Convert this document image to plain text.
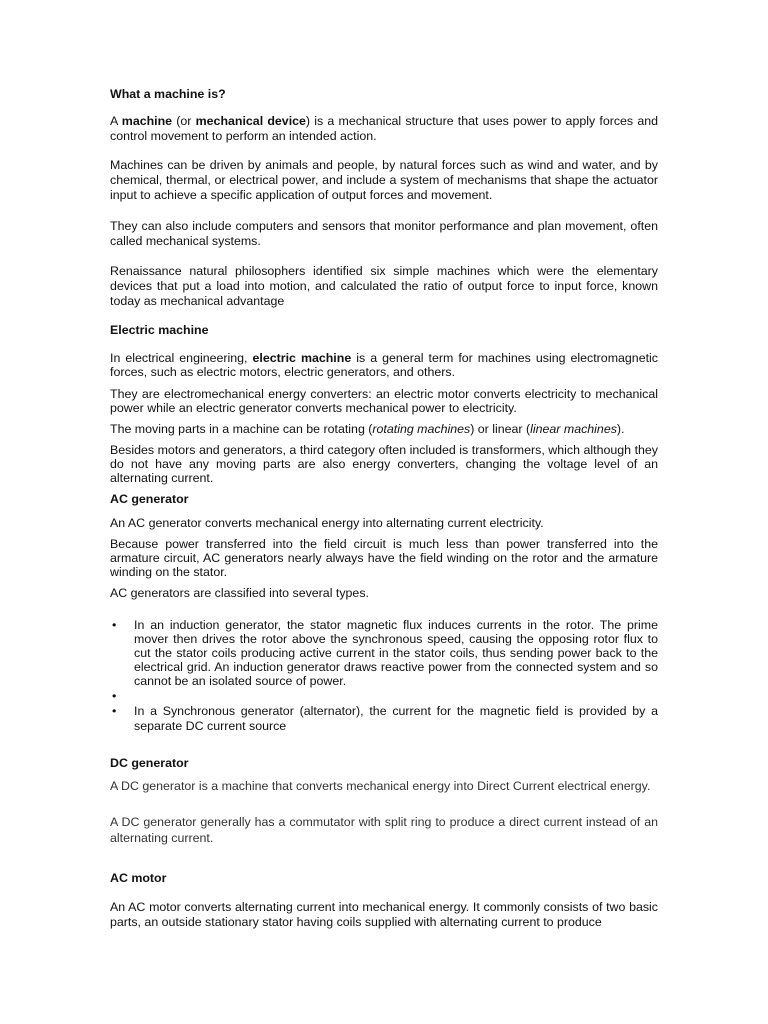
What a machine is?

A machine (or mechanical device) is a mechanical structure that uses power to apply forces and control movement to perform an intended action.

Machines can be driven by animals and people, by natural forces such as wind and water, and by chemical, thermal, or electrical power, and include a system of mechanisms that shape the actuator input to achieve a specific application of output forces and movement.

They can also include computers and sensors that monitor performance and plan movement, often called mechanical systems.

Renaissance natural philosophers identified six simple machines which were the elementary devices that put a load into motion, and calculated the ratio of output force to input force, known today as mechanical advantage

Electric machine

In electrical engineering, electric machine is a general term for machines using electromagnetic forces, such as electric motors, electric generators, and others.

They are electromechanical energy converters: an electric motor converts electricity to mechanical power while an electric generator converts mechanical power to electricity.

The moving parts in a machine can be rotating (rotating machines) or linear (linear machines).

Besides motors and generators, a third category often included is transformers, which although they do not have any moving parts are also energy converters, changing the voltage level of an alternating current.

AC generator

An AC generator converts mechanical energy into alternating current electricity.

Because power transferred into the field circuit is much less than power transferred into the armature circuit, AC generators nearly always have the field winding on the rotor and the armature winding on the stator.

AC generators are classified into several types.

• In an induction generator, the stator magnetic flux induces currents in the rotor. The prime mover then drives the rotor above the synchronous speed, causing the opposing rotor flux to cut the stator coils producing active current in the stator coils, thus sending power back to the electrical grid. An induction generator draws reactive power from the connected system and so cannot be an isolated source of power.
•
• In a Synchronous generator (alternator), the current for the magnetic field is provided by a separate DC current source
DC generator

A DC generator is a machine that converts mechanical energy into Direct Current electrical energy.

A DC generator generally has a commutator with split ring to produce a direct current instead of an alternating current.

AC motor

An AC motor converts alternating current into mechanical energy. It commonly consists of two basic parts, an outside stationary stator having coils supplied with alternating current to produce
